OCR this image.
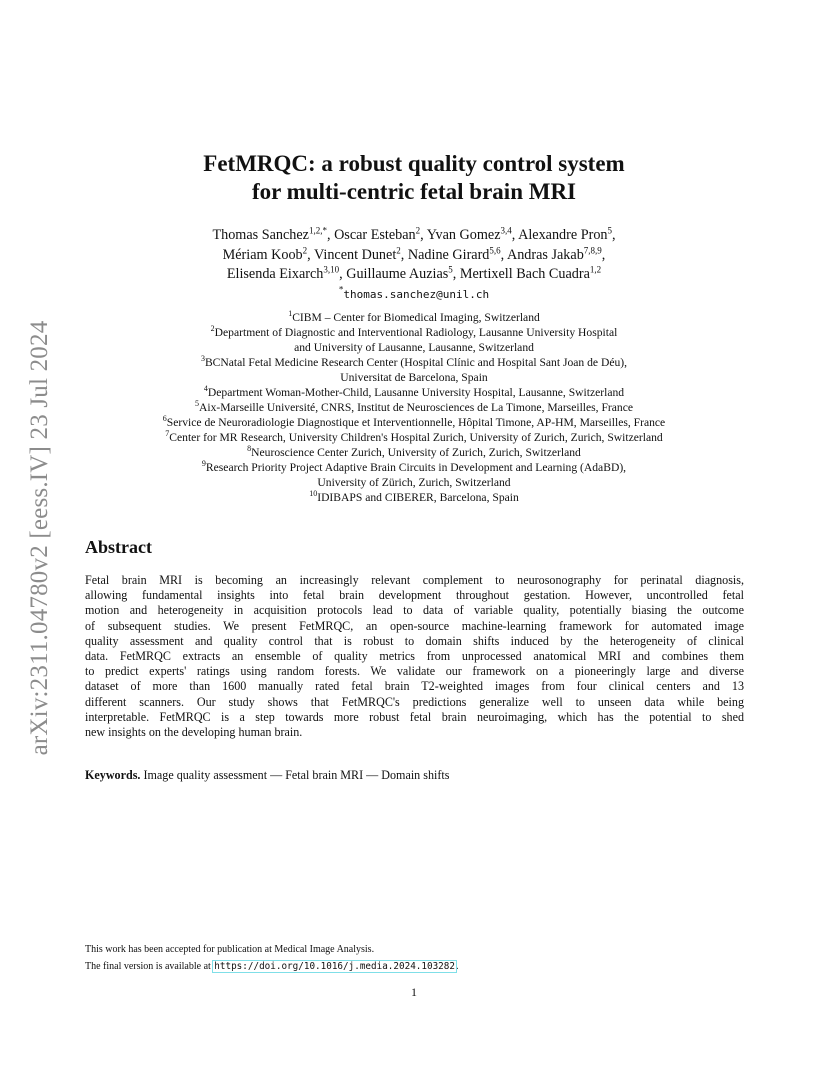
arXiv:2311.04780v2 [eess.IV] 23 Jul 2024
FetMRQC: a robust quality control system
for multi-centric fetal brain MRI
Thomas Sanchez$^{1,2,*}$, Oscar Esteban$^2$, Yvan Gomez$^{3,4}$, Alexandre Pron$^5$,
Mériam Koob$^2$, Vincent Dunet$^2$, Nadine Girard$^{5,6}$, Andras Jakab$^{7,8,9}$,
Elisenda Eixarch$^{3,10}$, Guillaume Auzias$^5$, Mertixell Bach Cuadra$^{1,2}$
*thomas.sanchez@unil.ch
$^1$CIBM – Center for Biomedical Imaging, Switzerland
$^2$Department of Diagnostic and Interventional Radiology, Lausanne University Hospital
and University of Lausanne, Lausanne, Switzerland
$^3$BCNatal Fetal Medicine Research Center (Hospital Clínic and Hospital Sant Joan de Déu),
Universitat de Barcelona, Spain
$^4$Department Woman-Mother-Child, Lausanne University Hospital, Lausanne, Switzerland
$^5$Aix-Marseille Université, CNRS, Institut de Neurosciences de La Timone, Marseilles, France
$^6$Service de Neuroradiologie Diagnostique et Interventionnelle, Hôpital Timone, AP-HM, Marseilles, France
$^7$Center for MR Research, University Children's Hospital Zurich, University of Zurich, Zurich, Switzerland
$^8$Neuroscience Center Zurich, University of Zurich, Zurich, Switzerland
$^9$Research Priority Project Adaptive Brain Circuits in Development and Learning (AdaBD),
University of Zürich, Zurich, Switzerland
$^{10}$IDIBAPS and CIBERER, Barcelona, Spain
Abstract
Fetal brain MRI is becoming an increasingly relevant complement to neurosonography for perinatal diagnosis,
allowing fundamental insights into fetal brain development throughout gestation. However, uncontrolled fetal
motion and heterogeneity in acquisition protocols lead to data of variable quality, potentially biasing the outcome
of subsequent studies. We present FetMRQC, an open-source machine-learning framework for automated image
quality assessment and quality control that is robust to domain shifts induced by the heterogeneity of clinical
data. FetMRQC extracts an ensemble of quality metrics from unprocessed anatomical MRI and combines them
to predict experts' ratings using random forests. We validate our framework on a pioneeringly large and diverse
dataset of more than 1600 manually rated fetal brain T2-weighted images from four clinical centers and 13
different scanners. Our study shows that FetMRQC's predictions generalize well to unseen data while being
interpretable. FetMRQC is a step towards more robust fetal brain neuroimaging, which has the potential to shed
new insights on the developing human brain.
Keywords. Image quality assessment — Fetal brain MRI — Domain shifts
This work has been accepted for publication at Medical Image Analysis.
The final version is available at https://doi.org/10.1016/j.media.2024.103282.
1
